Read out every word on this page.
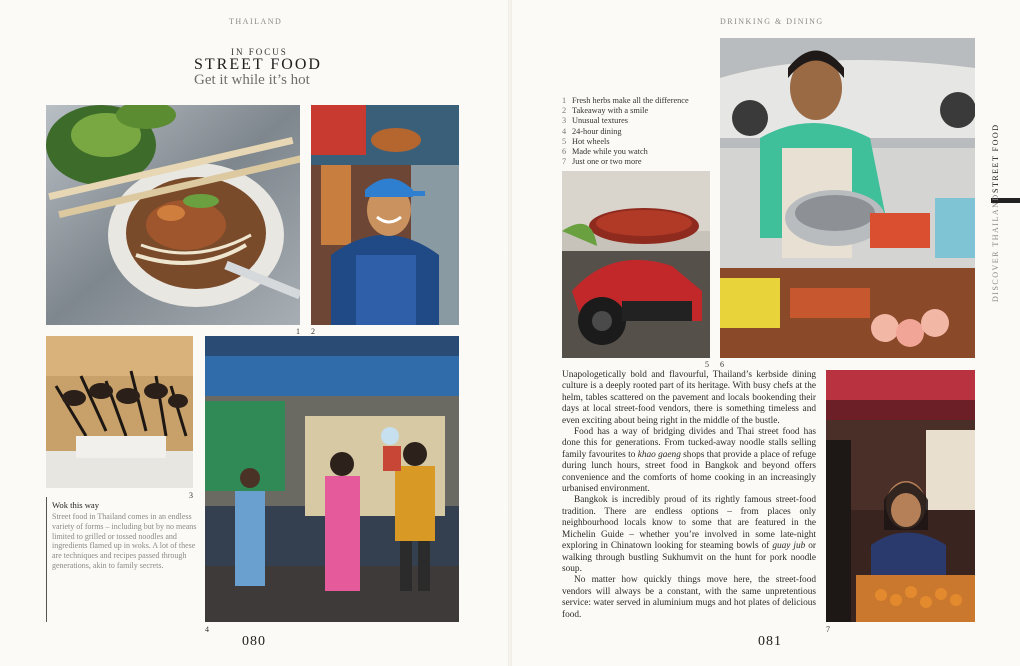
THAILAND	DRINKING & DINING
IN FOCUS
STREET FOOD
Get it while it’s hot
1 2
3
Wok this way
Street food in Thailand comes in an endless variety of forms – including but by no means limited to grilled or tossed noodles and ingredients flamed up in woks. A lot of these are techniques and recipes passed through generations, akin to family secrets.
4
080
1 Fresh herbs make all the difference
2 Takeaway with a smile
3 Unusual textures
4 24-hour dining
5 Hot wheels
6 Made while you watch
7 Just one or two more
5 6

Unapologetically bold and flavourful, Thailand’s kerbside dining culture is a deeply rooted part of its heritage. With busy chefs at the helm, tables scattered on the pavement and locals bookending their days at local street-food vendors, there is something timeless and even exciting about being right in the middle of the bustle.

Food has a way of bridging divides and Thai street food has done this for generations. From tucked-away noodle stalls selling family favourites to khao gaeng shops that provide a place of refuge during lunch hours, street food in Bangkok and beyond offers convenience and the comforts of home cooking in an increasingly urbanised environment.

Bangkok is incredibly proud of its rightly famous street-food tradition. There are endless options – from places only neighbourhood locals know to some that are featured in the Michelin Guide – whether you’re involved in some late-night exploring in Chinatown looking for steaming bowls of guay jub or walking through bustling Sukhumvit on the hunt for pork noodle soup.

No matter how quickly things move here, the street-food vendors will always be a constant, with the same unpretentious service: water served in aluminium mugs and hot plates of delicious food.

7
081
STREET FOOD
DISCOVER THAILAND
